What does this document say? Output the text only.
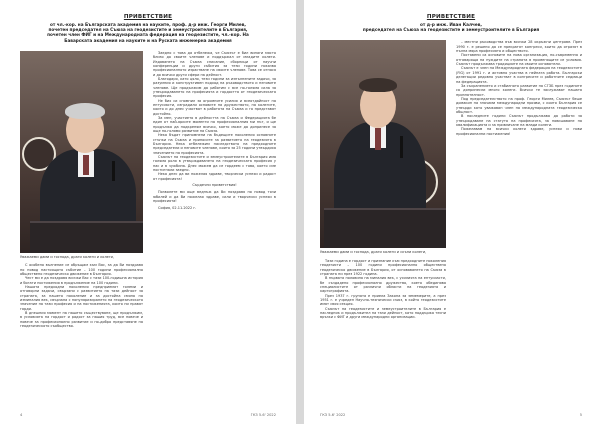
ПРИВЕТСТВИЕ
от чл.-кор. на Българската академия на науките, проф. д-р инж. Георги Милев,
почетен председател на Съюза на геодезистите и земеустроителите в България,
почетен член ФИГ и на Международната федерация на геодезистите, чл.-кор. На
Баварската академия на науките и на Руската инженерна академия
Уважаеми дами и господа, драги колеги и колеги,

С особено вълнение се обръщам към Вас, за да Ви поздравя по повод настоящото събитие – 100 години професионално обществено геодезическо движение в България.

Чест ми е да поздравя всички Вас с тази 100-годишна история и богати постижения в продължение на 100 години.

Нашата предходни поколения предприемат големи и отговорни задачи, свързани с развитието на тази дейност за страната, за нашето поколение и за достойна смяна на изминалия век, свързана с популяризирането на геодезическото значение на тази професия и на постиженията, които ни правят горди.

В днешния момент на нашето съществуване, ще продължим, в условията на гордост и радост за нашия труд, все повече и повече за професионално развитие и по-добро представяне на геодезическото съобщество.

Заедно с това да отбележа, че Съюзът е бил винаги място близо до своите членове и поддържал от младите колеги. Издаването на Съюза списание, сборници от научни конференции и други събития за тези години показва професионалното израстване на своите членове. Това се отнася и до всички други сфери на дейност.

Благодаря, като цяло, тези години за изпълнените задачи, за разумния и конструктивен подход на ръководството и неговите членове. Ще продължим да работим с все по-голяма сила за утвърждаването на професията и гордостта от геодезическата професия.

Не бих си спомнил за огромните усилия и всеотдайност на ентусиасти, изградили основите на дружеството, на колегите, които и до днес участват в работата на Съюза и го представят достойно.

За мен, участието в дейността на Съюза и Федерацията бе един от най-ярките моменти на професионалния ми път, и ще продължа да подкрепям всичко, което може да допринесе за още по-голямо развитие на Съюза.

Нека бъдат припомнени на бъдещите поколения основните стъпки на Съюза и приносите за развитието на геодезията в България. Нека отбележим наследството на предходните председатели и неговите членове, които за 25 години утвърдиха значението на професията.

Съюзът на геодезистите и земеустроителите в България има голяма роля в утвърждаването на геодезическата професия у нас и в чужбина. Днес можем да се гордеем с това, което сме постигнали заедно.

Нека днес да ви пожелая здраве, творчески успехи и радост от професията!

Сърдечни приветствия!

Позволете ми още веднъж да Ви поздравя по повод този юбилей и да Ви пожелая здраве, сили и творчески успехи в професията!

София, 02.11.2022 г.

4	ГКЗ 5-6' 2022
ПРИВЕТСТВИЕ
от д-р инж. Иван Калчев,
председател на Съюза на геодезистите и земеустроителите в България
Уважаеми дами и господа, драги колеги и скъпи колеги,

Тази година е гордост и признание към предходните поколения геодезисти – 100 години професионално обществено геодезическо движение в България, от основаването на Съюза в страната ни през 1922 година.

В първата половина на миналия век, с усилията на ентусиасти, бе създадено професионално дружество, което обединява специалистите от различни области на геодезията и картографията.

През 1937 г. групата е приела Закона за земемерите, а през 1951 г. е учреден Научно-технически съюз, в който геодезистите имат своя секция.

Съюзът на геодезистите и земеустроителите в България е наследник и продължител на тази дейност, като поддържа тесни връзки с ФИГ и други международни организации.

– местни ръководства във всички 28 окръжни центрове. През 1990 г. е решено да се прекратят конгреси, които да отразят в пълна мяра професията и обществото.

Поставени са основите на нова организация, по-съвременна и отговаряща на нуждите на страната в променящите се условия. Съюзът продължава традициите на своите основатели.

Съюзът е член на Международната федерация на геодезистите (FIG) от 1991 г. и активно участва в нейната работа. Български делегации редовно участват в конгресите и работните седмици на федерацията.

За съхранението и стабилното развитие на СГЗБ през годините са допринесли много колеги. Всички те заслужават нашата признателност.

Под председателството на проф. Георги Милев, Съюзът беше домакин на значими международни прояви, с които България се утвърди като уважаван член на международната геодезическа общност.

В последните години Съюзът продължава да работи за утвърждаване на статута на професията, за повишаване на квалификацията и за привличане на млади колеги.

Пожелавам на всички колеги здраве, успехи и нови професионални постижения!

ГКЗ 5-6' 2022	5
